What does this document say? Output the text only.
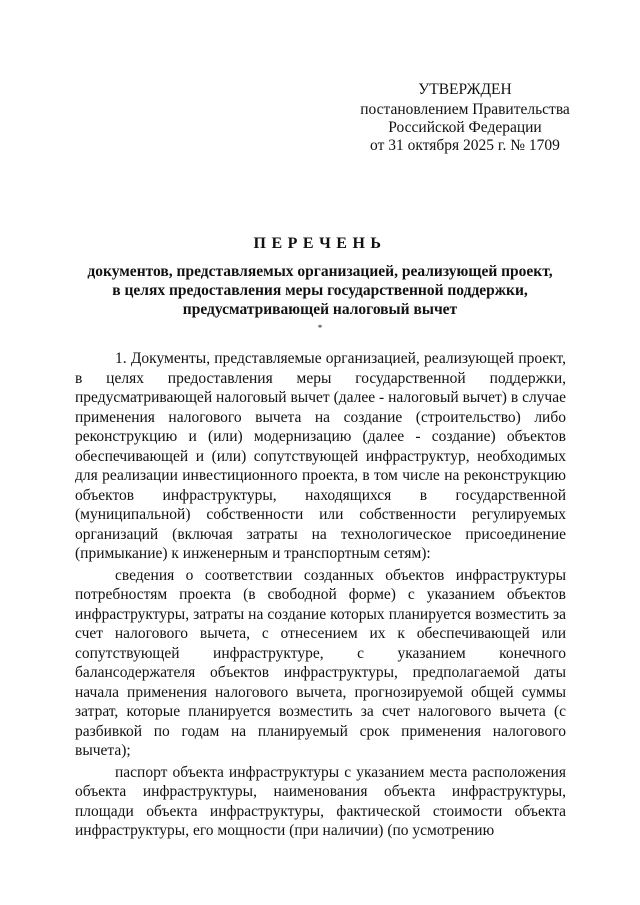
УТВЕРЖДЕН
постановлением Правительства
Российской Федерации
от 31 октября 2025 г. № 1709
ПЕРЕЧЕНЬ
документов, представляемых организацией, реализующей проект,
в целях предоставления меры государственной поддержки,
предусматривающей налоговый вычет
*

1. Документы, представляемые организацией, реализующей проект, в целях предоставления меры государственной поддержки, предусматривающей налоговый вычет (далее - налоговый вычет) в случае применения налогового вычета на создание (строительство) либо реконструкцию и (или) модернизацию (далее - создание) объектов обеспечивающей и (или) сопутствующей инфраструктур, необходимых для реализации инвестиционного проекта, в том числе на реконструкцию объектов инфраструктуры, находящихся в государственной (муниципальной) собственности или собственности регулируемых организаций (включая затраты на технологическое присоединение (примыкание) к инженерным и транспортным сетям):

сведения о соответствии созданных объектов инфраструктуры потребностям проекта (в свободной форме) с указанием объектов инфраструктуры, затраты на создание которых планируется возместить за счет налогового вычета, с отнесением их к обеспечивающей или сопутствующей инфраструктуре, с указанием конечного балансодержателя объектов инфраструктуры, предполагаемой даты начала применения налогового вычета, прогнозируемой общей суммы затрат, которые планируется возместить за счет налогового вычета (с разбивкой по годам на планируемый срок применения налогового вычета);

паспорт объекта инфраструктуры с указанием места расположения объекта инфраструктуры, наименования объекта инфраструктуры, площади объекта инфраструктуры, фактической стоимости объекта инфраструктуры, его мощности (при наличии) (по усмотрению
